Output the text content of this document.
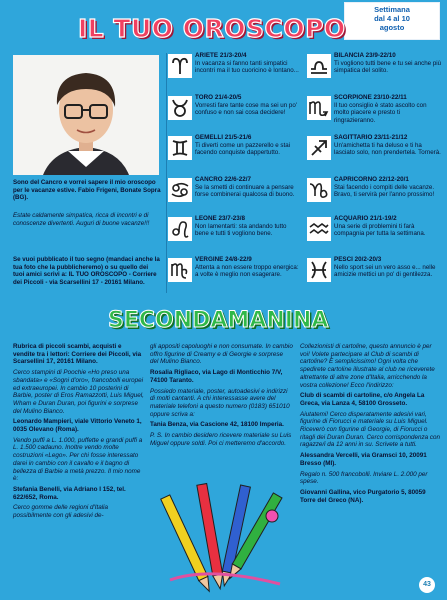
Settimana
dal 4 al 10
agosto
IL TUO OROSCOPO
Sono del Cancro e vorrei sapere il mio oroscopo per le vacanze estive. Fabio Frigeni, Bonate Sopra (BG).
Estate caldamente simpatica, ricca di incontri e di conoscenze divertenti. Auguri di buone vacanze!!!
Se vuoi pubblicato il tuo segno (mandaci anche la tua foto che la pubblicheremo) o su quello dei tuoi amici scrivi a: IL TUO OROSCOPO - Corriere dei Piccoli - via Scarsellini 17 - 20161 Milano.
ARIETE 21/3-20/4
In vacanza si fanno tanti simpatici incontri ma il tuo cuoricino è lontano...
TORO 21/4-20/5
Vorresti fare tante cose ma sei un po' confuso e non sai cosa decidere!
GEMELLI 21/5-21/6
Ti diverti come un pazzerello e stai facendo conquiste dappertutto.
CANCRO 22/6-22/7
Se la smetti di continuare a pensare forse combinerai qualcosa di buono.
LEONE 23/7-23/8
Non lamentarti: sta andando tutto bene e tutti ti vogliono bene.
VERGINE 24/8-22/9
Attenta a non essere troppo energica: a volte è meglio non esagerare.
BILANCIA 23/9-22/10
Ti vogliono tutti bene e tu sei anche più simpatica del solito.
SCORPIONE 23/10-22/11
Il tuo consiglio è stato ascolto con molto piacere e presto ti ringrazieranno.
SAGITTARIO 23/11-21/12
Un'amichetta ti ha deluso e ti ha lasciato solo, non prendertela. Tornerà.
CAPRICORNO 22/12-20/1
Stai facendo i compiti delle vacanze. Bravo, ti servirà per l'anno prossimo!
ACQUARIO 21/1-19/2
Una serie di problemini ti farà compagnia per tutta la settimana.
PESCI 20/2-20/3
Nello sport sei un vero asso e... nelle amicizie mettici un po' di gentilezza.
SECONDAMANINA

Rubrica di piccoli scambi, acquisti e vendite tra i lettori: Corriere dei Piccoli, via Scarsellini 17, 20161 Milano.

Cerco stampini di Poochie «Ho preso una sbandata» e «Sogni d'oro», francobolli europei ed extraeuropei. In cambio 10 posterini di Barbie, poster di Eros Ramazzotti, Luis Miguel, Wham e Duran Duran, poi figurini e sorprese del Mulino Bianco.

Leonardo Mampieri, viale Vittorio Veneto 1, 0035 Olevano (Roma).

Vendo puffi a L. 1.000, puffette e grandi puffi a L. 1.500 cadauno. Inoltre vendo molte costruzioni «Lego». Per chi fosse interessato darei in cambio con il cavallo e il bagno di bellezza di Barbie a metà prezzo. Il mio nome è:

Stefania Benelli, via Adriano I 152, tel. 622/652, Roma.

Cerco gomme delle regioni d'Italia possibilmente con gli adesivi de-

gli appositi capoluoghi e non consumate. In cambio offro figurine di Creamy e di Georgie e sorprese del Mulino Bianco.

Rosalia Rigliaco, via Lago di Monticchio 7/V, 74100 Taranto.

Possiedo materiale, poster, autoadesivi e indirizzi di molti cantanti. A chi interessasse avere del materiale telefoni a questo numero (0183) 651010 oppure scriva a:

Tania Benza, via Cascione 42, 18100 Imperia.

P. S. In cambio desidero ricevere materiale su Luis Miguel oppure soldi. Poi ci metteremo d'accordo.

Collezionisti di cartoline, questo annuncio è per voi! Volete partecipare al Club di scambi di cartoline? È semplicissimo! Ogni volta che spedirete cartoline illustrate al club ne riceverete altrettante di altre zone d'Italia, arricchendo la vostra collezione! Ecco l'indirizzo:

Club di scambi di cartoline, c/o Angela La Greca, via Lanza 4, 58100 Grosseto.

Aiutatemi! Cerco disperatamente adesivi vari, figurine di Fiorucci e materiale su Luis Miguel. Riceverò con figurine di Georgie, di Fiorucci o ritagli dei Duran Duran. Cerco corrispondenza con ragazze/i da 12 anni in su. Scrivete a tutti.

Alessandra Vercelli, via Gramsci 10, 20091 Bresso (MI).

Regalo n. 500 francobolli. Inviare L. 2.000 per spese.

Giovanni Gallina, vico Purgatorio 5, 80059 Torre del Greco (NA).

43
